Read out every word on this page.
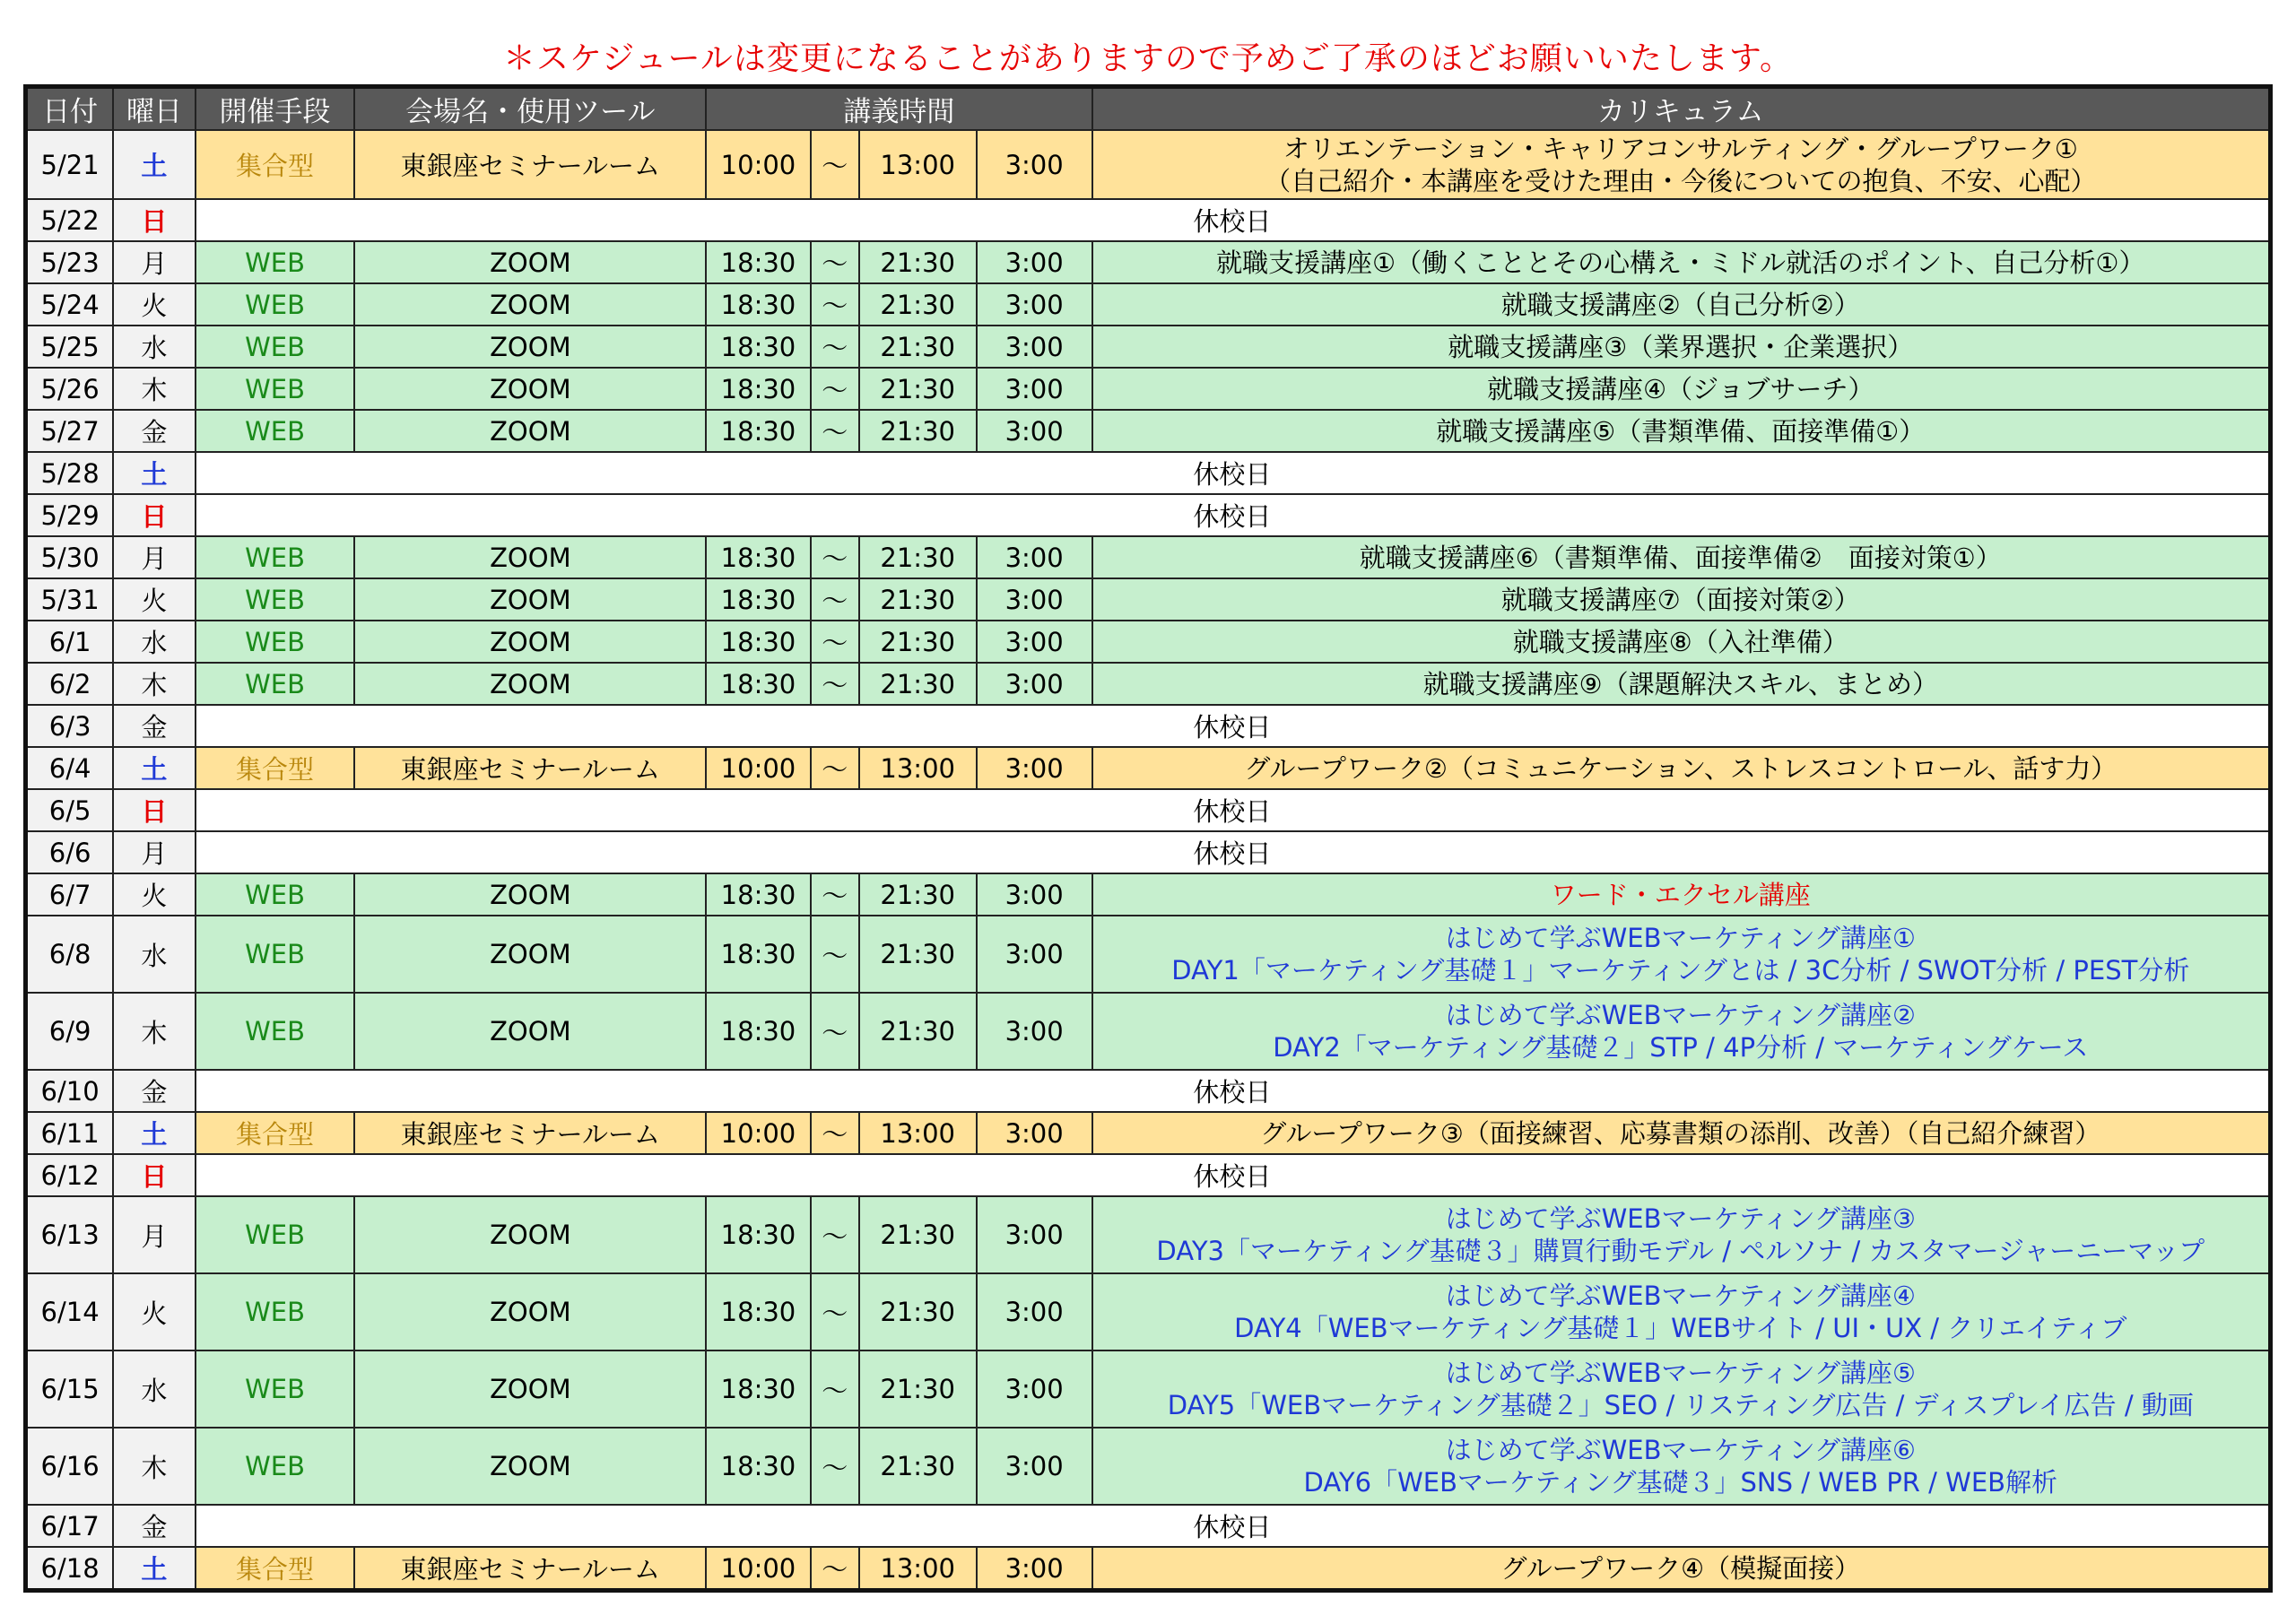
＊スケジュールは変更になることがありますので予めご了承のほどお願いいたします。
日付	曜日	開催手段	会場名・使用ツール	講義時間				カリキュラム
5/21	土	集合型	東銀座セミナールーム	10:00	～	13:00	3:00	オリエンテーション・キャリアコンサルティング・グループワーク①
（自己紹介・本講座を受けた理由・今後についての抱負、不安、心配）

5/22	日	休校日						
5/23	月	WEB	ZOOM	18:30	～	21:30	3:00	就職支援講座①（働くこととその心構え・ミドル就活のポイント、自己分析①）

5/24	火	WEB	ZOOM	18:30	～	21:30	3:00	就職支援講座②（自己分析②）

5/25	水	WEB	ZOOM	18:30	～	21:30	3:00	就職支援講座③（業界選択・企業選択）

5/26	木	WEB	ZOOM	18:30	～	21:30	3:00	就職支援講座④（ジョブサーチ）

5/27	金	WEB	ZOOM	18:30	～	21:30	3:00	就職支援講座⑤（書類準備、面接準備①）

5/28	土	休校日						
5/29	日	休校日						
5/30	月	WEB	ZOOM	18:30	～	21:30	3:00	就職支援講座⑥（書類準備、面接準備②　面接対策①）

5/31	火	WEB	ZOOM	18:30	～	21:30	3:00	就職支援講座⑦（面接対策②）

6/1	水	WEB	ZOOM	18:30	～	21:30	3:00	就職支援講座⑧（入社準備）

6/2	木	WEB	ZOOM	18:30	～	21:30	3:00	就職支援講座⑨（課題解決スキル、まとめ）

6/3	金	休校日						
6/4	土	集合型	東銀座セミナールーム	10:00	～	13:00	3:00	グループワーク②（コミュニケーション、ストレスコントロール、話す力）

6/5	日	休校日						
6/6	月	休校日						
6/7	火	WEB	ZOOM	18:30	～	21:30	3:00	ワード・エクセル講座

6/8	水	WEB	ZOOM	18:30	～	21:30	3:00	はじめて学ぶWEBマーケティング講座①
DAY1「マーケティング基礎１」マーケティングとは / 3C分析 / SWOT分析 / PEST分析

6/9	木	WEB	ZOOM	18:30	～	21:30	3:00	はじめて学ぶWEBマーケティング講座②
DAY2「マーケティング基礎２」STP / 4P分析 / マーケティングケース

6/10	金	休校日						
6/11	土	集合型	東銀座セミナールーム	10:00	～	13:00	3:00	グループワーク③（面接練習、応募書類の添削、改善）（自己紹介練習）

6/12	日	休校日						
6/13	月	WEB	ZOOM	18:30	～	21:30	3:00	はじめて学ぶWEBマーケティング講座③
DAY3「マーケティング基礎３」購買行動モデル / ペルソナ / カスタマージャーニーマップ

6/14	火	WEB	ZOOM	18:30	～	21:30	3:00	はじめて学ぶWEBマーケティング講座④
DAY4「WEBマーケティング基礎１」WEBサイト / UI・UX / クリエイティブ

6/15	水	WEB	ZOOM	18:30	～	21:30	3:00	はじめて学ぶWEBマーケティング講座⑤
DAY5「WEBマーケティング基礎２」SEO / リスティング広告 / ディスプレイ広告 / 動画

6/16	木	WEB	ZOOM	18:30	～	21:30	3:00	はじめて学ぶWEBマーケティング講座⑥
DAY6「WEBマーケティング基礎３」SNS / WEB PR / WEB解析

6/17	金	休校日						
6/18	土	集合型	東銀座セミナールーム	10:00	～	13:00	3:00	グループワーク④（模擬面接）
